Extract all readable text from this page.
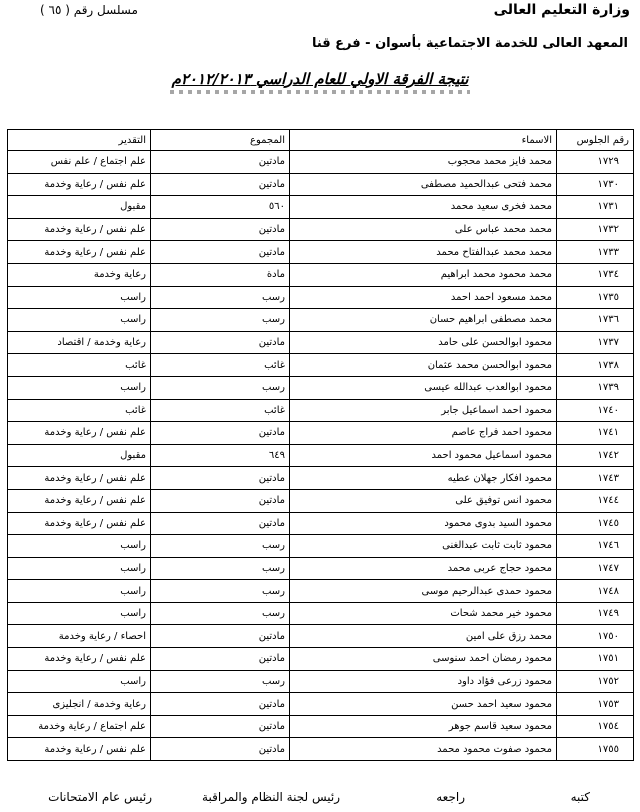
وزارة التعليم العالى
مسلسل رقم ( ٦٥ )
المعهد العالى للخدمة الاجتماعية بأسوان - فرع قنا
نتيجة الفرقة الاولي للعام الدراسي ٢٠١٢/٢٠١٣م
رقم الجلوس	الاسماء	المجموع	التقدير
١٧٢٩	محمد فايز محمد محجوب	مادتين	علم اجتماع / علم نفس
١٧٣٠	محمد فتحى عبدالحميد مصطفى	مادتين	علم نفس / رعاية وخدمة
١٧٣١	محمد فخرى سعيد محمد	٥٦٠	مقبول
١٧٣٢	محمد محمد عباس على	مادتين	علم نفس / رعاية وخدمة
١٧٣٣	محمد محمد عبدالفتاح محمد	مادتين	علم نفس / رعاية وخدمة
١٧٣٤	محمد محمود محمد ابراهيم	مادة	رعاية وخدمة
١٧٣٥	محمد مسعود احمد احمد	رسب	راسب
١٧٣٦	محمد مصطفى ابراهيم حسان	رسب	راسب
١٧٣٧	محمود ابوالحسن على حامد	مادتين	رعاية وخدمة / اقتصاد
١٧٣٨	محمود ابوالحسن محمد عثمان	غائب	غائب
١٧٣٩	محمود ابوالعدب عبدالله عيسى	رسب	راسب
١٧٤٠	محمود احمد اسماعيل جابر	غائب	غائب
١٧٤١	محمود احمد فراج عاصم	مادتين	علم نفس / رعاية وخدمة
١٧٤٢	محمود اسماعيل محمود احمد	٦٤٩	مقبول
١٧٤٣	محمود افكار جهلان عطيه	مادتين	علم نفس / رعاية وخدمة
١٧٤٤	محمود انس توفيق على	مادتين	علم نفس / رعاية وخدمة
١٧٤٥	محمود السيد بدوى محمود	مادتين	علم نفس / رعاية وخدمة
١٧٤٦	محمود ثابت ثابت عبدالغنى	رسب	راسب
١٧٤٧	محمود حجاج عربى محمد	رسب	راسب
١٧٤٨	محمود حمدى عبدالرحيم موسى	رسب	راسب
١٧٤٩	محمود خير محمد شحات	رسب	راسب
١٧٥٠	محمد رزق على امين	مادتين	احصاء / رعاية وخدمة
١٧٥١	محمود رمضان احمد سنوسى	مادتين	علم نفس / رعاية وخدمة
١٧٥٢	محمود زرعى فؤاد داود	رسب	راسب
١٧٥٣	محمود سعيد احمد حسن	مادتين	رعاية وخدمة / انجليزى
١٧٥٤	محمود سعيد قاسم جوهر	مادتين	علم اجتماع / رعاية وخدمة
١٧٥٥	محمود صفوت محمود محمد	مادتين	علم نفس / رعاية وخدمة
كتبه
راجعه
رئيس لجنة النظام والمراقبة
رئيس عام الامتحانات
